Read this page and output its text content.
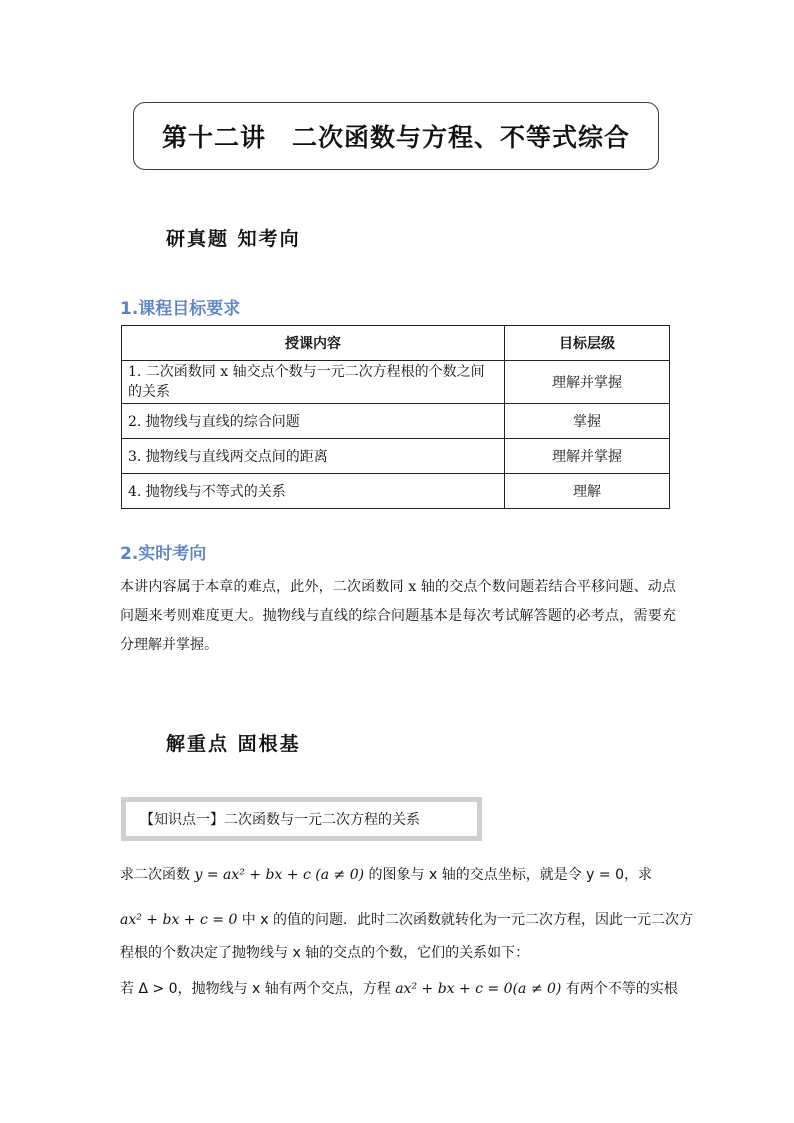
第十二讲　二次函数与方程、不等式综合
研真题 知考向
1.课程目标要求
授课内容	目标层级
1. 二次函数同 x 轴交点个数与一元二次方程根的个数之间的关系	理解并掌握
2. 抛物线与直线的综合问题	掌握
3. 抛物线与直线两交点间的距离	理解并掌握
4. 抛物线与不等式的关系	理解
2.实时考向
本讲内容属于本章的难点，此外，二次函数同 x 轴的交点个数问题若结合平移问题、动点问题来考则难度更大。抛物线与直线的综合问题基本是每次考试解答题的必考点，需要充分理解并掌握。
解重点 固根基
【知识点一】二次函数与一元二次方程的关系
求二次函数 y = ax² + bx + c (a ≠ 0) 的图象与 x 轴的交点坐标，就是令 y = 0，求
ax² + bx + c = 0 中 x 的值的问题．此时二次函数就转化为一元二次方程，因此一元二次方
程根的个数决定了抛物线与 x 轴的交点的个数，它们的关系如下：
若 Δ > 0，抛物线与 x 轴有两个交点，方程 ax² + bx + c = 0(a ≠ 0) 有两个不等的实根
